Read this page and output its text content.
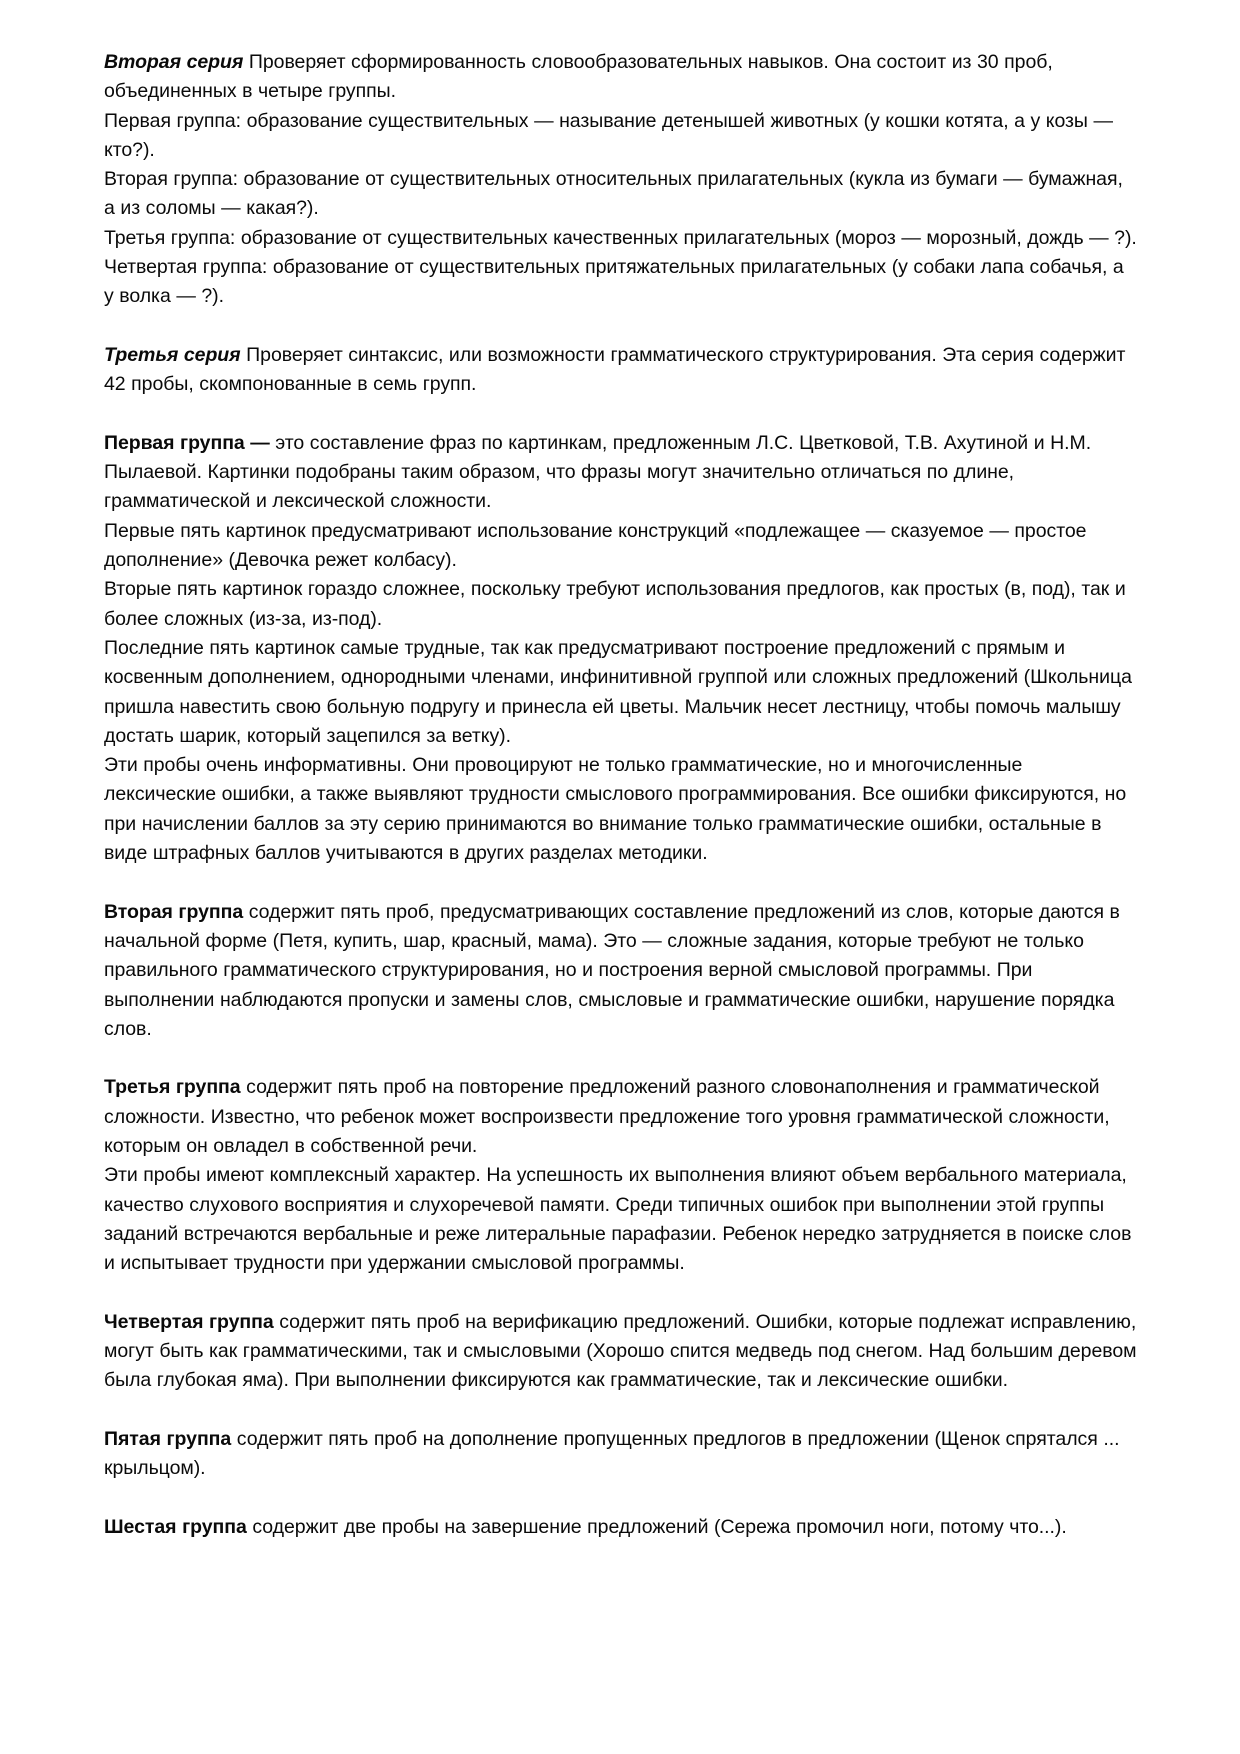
Вторая серия Проверяет сформированность словообразовательных навыков. Она состоит из 30 проб, объединенных в четыре группы.

Первая группа: образование существительных — называние детенышей животных (у кошки котята, а у козы — кто?).

Вторая группа: образование от существительных относительных прилагательных (кукла из бумаги — бумажная, а из соломы — какая?).

Третья группа: образование от существительных качественных прилагательных (мороз — морозный, дождь — ?).

Четвертая группа: образование от существительных притяжательных прилагательных (у собаки лапа собачья, а у волка — ?).

Третья серия Проверяет синтаксис, или возможности грамматического структурирования. Эта серия содержит 42 пробы, скомпонованные в семь групп.

Первая группа — это составление фраз по картинкам, предложенным Л.С. Цветковой, Т.В. Ахутиной и Н.М. Пылаевой. Картинки подобраны таким образом, что фразы могут значительно отличаться по длине, грамматической и лексической сложности.

Первые пять картинок предусматривают использование конструкций «подлежащее — сказуемое — простое дополнение» (Девочка режет колбасу).

Вторые пять картинок гораздо сложнее, поскольку требуют использования предлогов, как простых (в, под), так и более сложных (из-за, из-под).

Последние пять картинок самые трудные, так как предусматривают построение предложений с прямым и косвенным дополнением, однородными членами, инфинитивной группой или сложных предложений (Школьница пришла навестить свою больную подругу и принесла ей цветы. Мальчик несет лестницу, чтобы помочь малышу достать шарик, который зацепился за ветку).

Эти пробы очень информативны. Они провоцируют не только грамматические, но и многочисленные лексические ошибки, а также выявляют трудности смыслового программирования. Все ошибки фиксируются, но при начислении баллов за эту серию принимаются во внимание только грамматические ошибки, остальные в виде штрафных баллов учитываются в других разделах методики.

Вторая группа содержит пять проб, предусматривающих составление предложений из слов, которые даются в начальной форме (Петя, купить, шар, красный, мама). Это — сложные задания, которые требуют не только правильного грамматического структурирования, но и построения верной смысловой программы. При выполнении наблюдаются пропуски и замены слов, смысловые и грамматические ошибки, нарушение порядка слов.

Третья группа содержит пять проб на повторение предложений разного словонаполнения и грамматической сложности. Известно, что ребенок может воспроизвести предложение того уровня грамматической сложности, которым он овладел в собственной речи.

Эти пробы имеют комплексный характер. На успешность их выполнения влияют объем вербального материала, качество слухового восприятия и слухоречевой памяти. Среди типичных ошибок при выполнении этой группы заданий встречаются вербальные и реже литеральные парафазии. Ребенок нередко затрудняется в поиске слов и испытывает трудности при удержании смысловой программы.

Четвертая группа содержит пять проб на верификацию предложений. Ошибки, которые подлежат исправлению, могут быть как грамматическими, так и смысловыми (Хорошо спится медведь под снегом. Над большим деревом была глубокая яма). При выполнении фиксируются как грамматические, так и лексические ошибки.

Пятая группа содержит пять проб на дополнение пропущенных предлогов в предложении (Щенок спрятался ... крыльцом).

Шестая группа содержит две пробы на завершение предложений (Сережа промочил ноги, потому что...).
